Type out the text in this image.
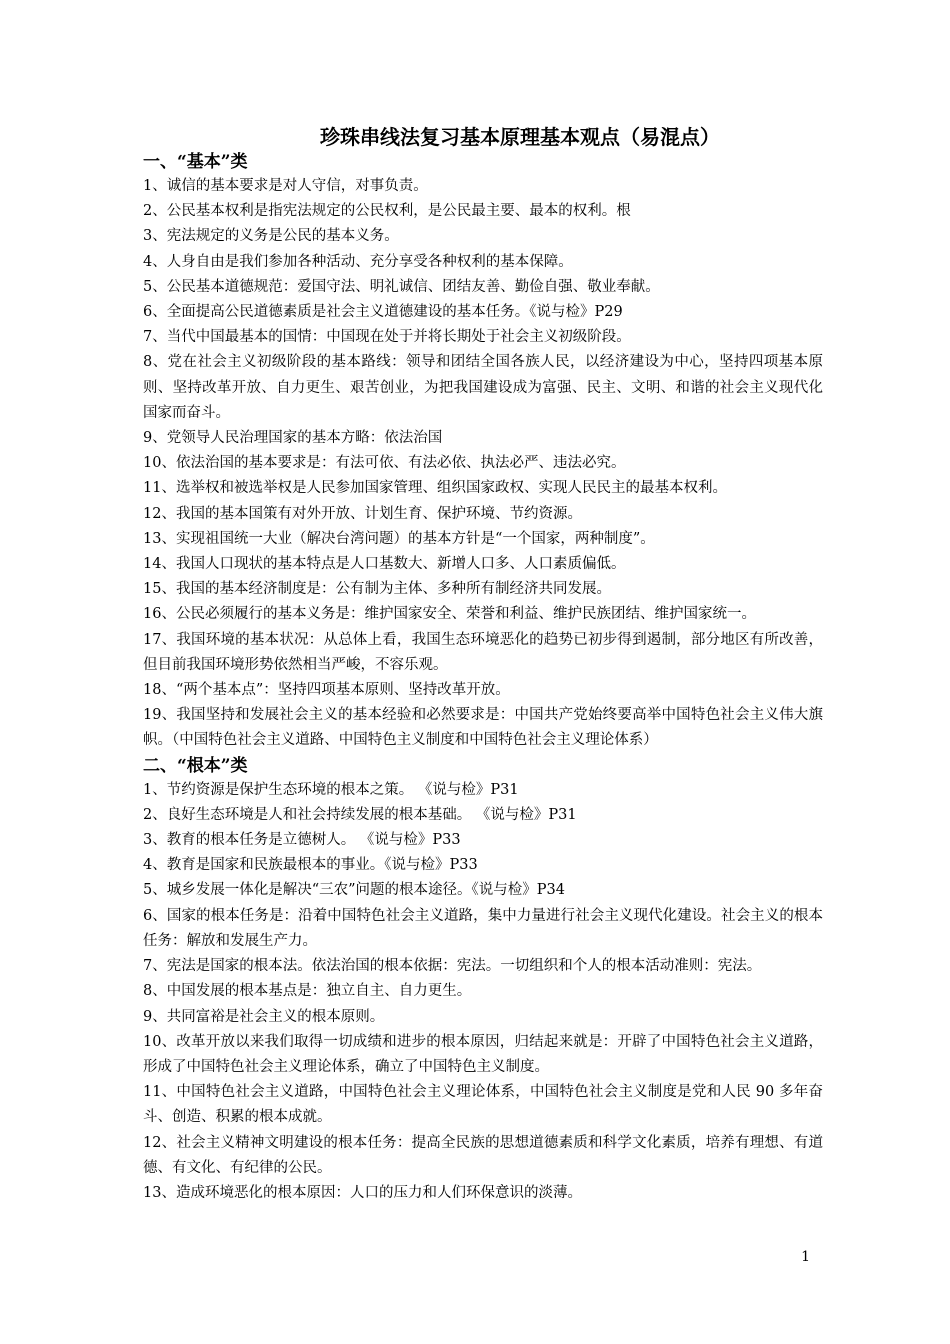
珍珠串线法复习基本原理基本观点（易混点）
一、“基本”类
1、诚信的基本要求是对人守信，对事负责。
2、公民基本权利是指宪法规定的公民权利，是公民最主要、最本的权利。根
3、宪法规定的义务是公民的基本义务。
4、人身自由是我们参加各种活动、充分享受各种权利的基本保障。
5、公民基本道德规范：爱国守法、明礼诚信、团结友善、勤俭自强、敬业奉献。
6、全面提高公民道德素质是社会主义道德建设的基本任务。《说与检》P29
7、当代中国最基本的国情：中国现在处于并将长期处于社会主义初级阶段。
8、党在社会主义初级阶段的基本路线：领导和团结全国各族人民，以经济建设为中心，坚持四项基本原则、坚持改革开放、自力更生、艰苦创业，为把我国建设成为富强、民主、文明、和谐的社会主义现代化国家而奋斗。
9、党领导人民治理国家的基本方略：依法治国
10、依法治国的基本要求是：有法可依、有法必依、执法必严、违法必究。
11、选举权和被选举权是人民参加国家管理、组织国家政权、实现人民民主的最基本权利。
12、我国的基本国策有对外开放、计划生育、保护环境、节约资源。
13、实现祖国统一大业（解决台湾问题）的基本方针是“一个国家，两种制度”。
14、我国人口现状的基本特点是人口基数大、新增人口多、人口素质偏低。
15、我国的基本经济制度是：公有制为主体、多种所有制经济共同发展。
16、公民必须履行的基本义务是：维护国家安全、荣誉和利益、维护民族团结、维护国家统一。
17、我国环境的基本状况：从总体上看，我国生态环境恶化的趋势已初步得到遏制，部分地区有所改善，但目前我国环境形势依然相当严峻，不容乐观。
18、“两个基本点”：坚持四项基本原则、坚持改革开放。
19、我国坚持和发展社会主义的基本经验和必然要求是：中国共产党始终要高举中国特色社会主义伟大旗帜。（中国特色社会主义道路、中国特色主义制度和中国特色社会主义理论体系）
二、“根本”类
1、节约资源是保护生态环境的根本之策。 《说与检》P31
2、良好生态环境是人和社会持续发展的根本基础。 《说与检》P31
3、教育的根本任务是立德树人。 《说与检》P33
4、教育是国家和民族最根本的事业。《说与检》P33
5、城乡发展一体化是解决“三农”问题的根本途径。《说与检》P34
6、国家的根本任务是：沿着中国特色社会主义道路，集中力量进行社会主义现代化建设。社会主义的根本任务：解放和发展生产力。
7、宪法是国家的根本法。依法治国的根本依据：宪法。一切组织和个人的根本活动准则：宪法。
8、中国发展的根本基点是：独立自主、自力更生。
9、共同富裕是社会主义的根本原则。
10、改革开放以来我们取得一切成绩和进步的根本原因，归结起来就是：开辟了中国特色社会主义道路，形成了中国特色社会主义理论体系，确立了中国特色主义制度。
11、中国特色社会主义道路，中国特色社会主义理论体系，中国特色社会主义制度是党和人民 90 多年奋斗、创造、积累的根本成就。
12、社会主义精神文明建设的根本任务：提高全民族的思想道德素质和科学文化素质，培养有理想、有道德、有文化、有纪律的公民。
13、造成环境恶化的根本原因：人口的压力和人们环保意识的淡薄。
1
